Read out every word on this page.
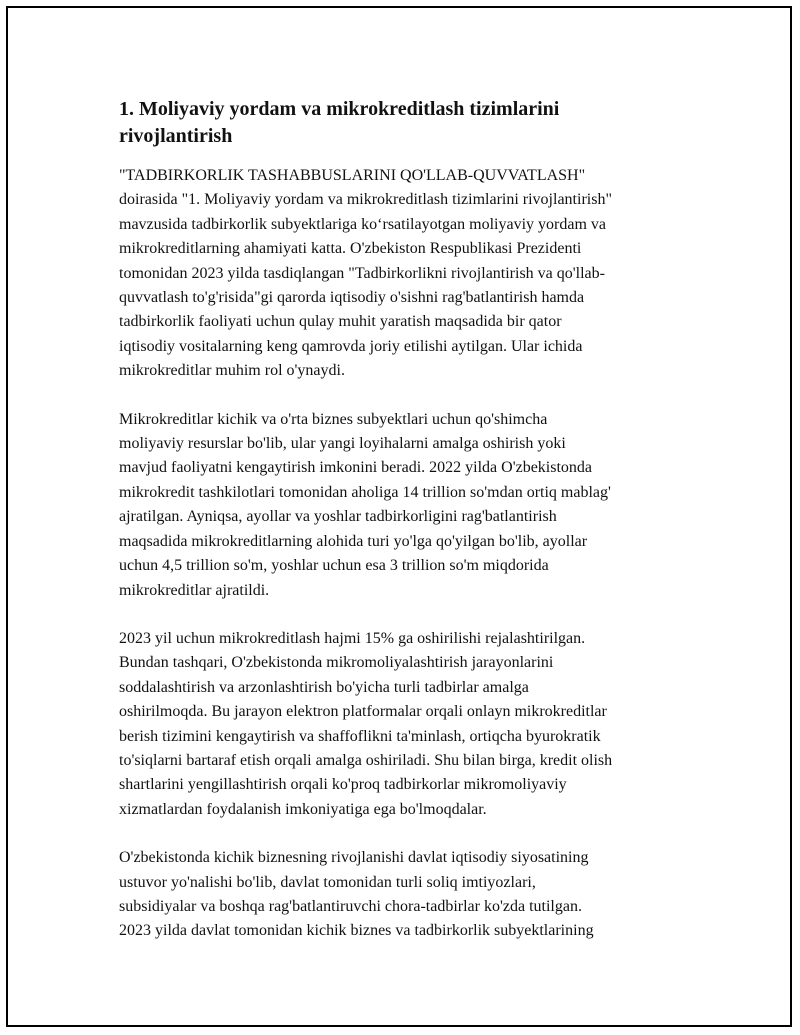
1. Moliyaviy yordam va mikrokreditlash tizimlarini
rivojlantirish

"TADBIRKORLIK TASHABBUSLARINI QO'LLAB-QUVVATLASH"
doirasida "1. Moliyaviy yordam va mikrokreditlash tizimlarini rivojlantirish"
mavzusida tadbirkorlik subyektlariga ko‘rsatilayotgan moliyaviy yordam va
mikrokreditlarning ahamiyati katta. O'zbekiston Respublikasi Prezidenti
tomonidan 2023 yilda tasdiqlangan "Tadbirkorlikni rivojlantirish va qo'llab-
quvvatlash to'g'risida"gi qarorda iqtisodiy o'sishni rag'batlantirish hamda
tadbirkorlik faoliyati uchun qulay muhit yaratish maqsadida bir qator
iqtisodiy vositalarning keng qamrovda joriy etilishi aytilgan. Ular ichida
mikrokreditlar muhim rol o'ynaydi.

Mikrokreditlar kichik va o'rta biznes subyektlari uchun qo'shimcha
moliyaviy resurslar bo'lib, ular yangi loyihalarni amalga oshirish yoki
mavjud faoliyatni kengaytirish imkonini beradi. 2022 yilda O'zbekistonda
mikrokredit tashkilotlari tomonidan aholiga 14 trillion so'mdan ortiq mablag'
ajratilgan. Ayniqsa, ayollar va yoshlar tadbirkorligini rag'batlantirish
maqsadida mikrokreditlarning alohida turi yo'lga qo'yilgan bo'lib, ayollar
uchun 4,5 trillion so'm, yoshlar uchun esa 3 trillion so'm miqdorida
mikrokreditlar ajratildi.

2023 yil uchun mikrokreditlash hajmi 15% ga oshirilishi rejalashtirilgan.
Bundan tashqari, O'zbekistonda mikromoliyalashtirish jarayonlarini
soddalashtirish va arzonlashtirish bo'yicha turli tadbirlar amalga
oshirilmoqda. Bu jarayon elektron platformalar orqali onlayn mikrokreditlar
berish tizimini kengaytirish va shaffoflikni ta'minlash, ortiqcha byurokratik
to'siqlarni bartaraf etish orqali amalga oshiriladi. Shu bilan birga, kredit olish
shartlarini yengillashtirish orqali ko'proq tadbirkorlar mikromoliyaviy
xizmatlardan foydalanish imkoniyatiga ega bo'lmoqdalar.

O'zbekistonda kichik biznesning rivojlanishi davlat iqtisodiy siyosatining
ustuvor yo'nalishi bo'lib, davlat tomonidan turli soliq imtiyozlari,
subsidiyalar va boshqa rag'batlantiruvchi chora-tadbirlar ko'zda tutilgan.
2023 yilda davlat tomonidan kichik biznes va tadbirkorlik subyektlarining
